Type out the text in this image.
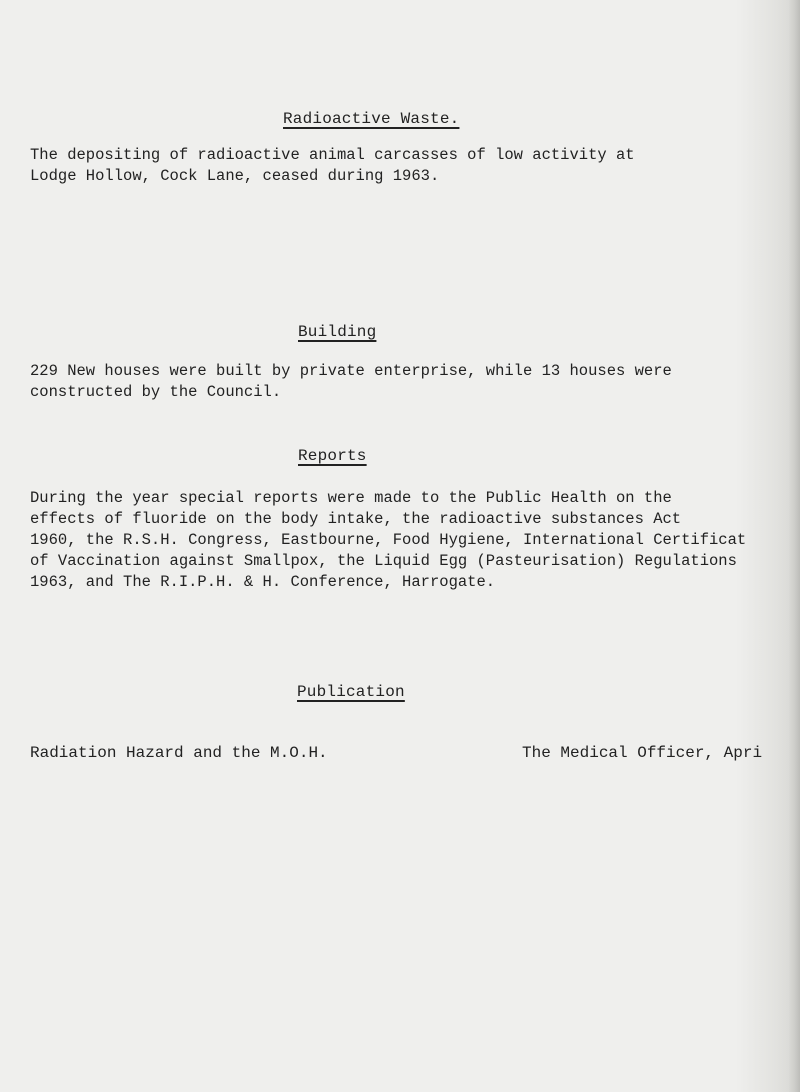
Radioactive Waste.
The depositing of radioactive animal carcasses of low activity at
Lodge Hollow, Cock Lane, ceased during 1963.
Building
229 New houses were built by private enterprise, while 13 houses were
constructed by the Council.
Reports
During the year special reports were made to the Public Health on the
effects of fluoride on the body intake, the radioactive substances Act
1960, the R.S.H. Congress, Eastbourne, Food Hygiene, International Certificat
of Vaccination against Smallpox, the Liquid Egg (Pasteurisation) Regulations
1963, and The R.I.P.H. & H. Conference, Harrogate.
Publication
Radiation Hazard and the M.O.H.	The Medical Officer, Apri
